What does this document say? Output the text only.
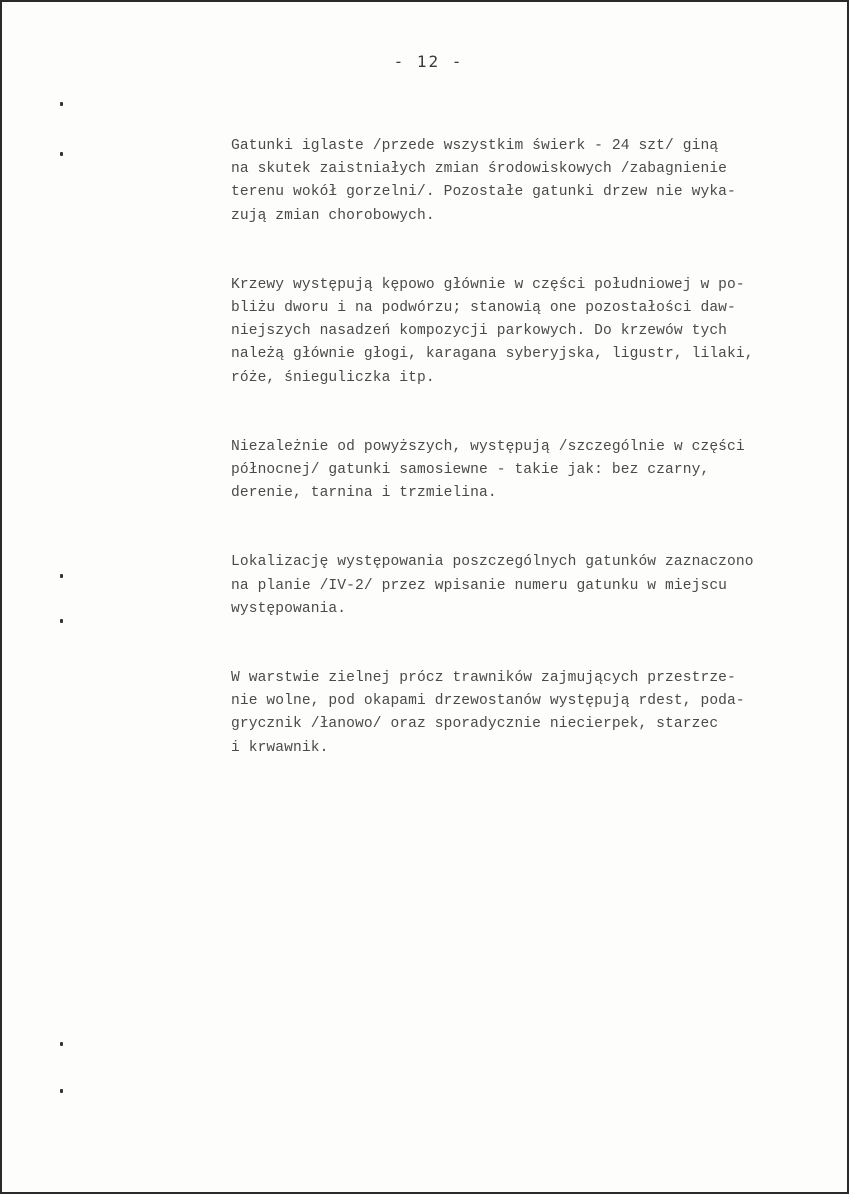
- 12 -

Gatunki iglaste /przede wszystkim świerk - 24 szt/ giną
na skutek zaistniałych zmian środowiskowych /zabagnienie
terenu wokół gorzelni/. Pozostałe gatunki drzew nie wyka-
zują zmian chorobowych.

Krzewy występują kępowo głównie w części południowej w po-
bliżu dworu i na podwórzu; stanowią one pozostałości daw-
niejszych nasadzeń kompozycji parkowych. Do krzewów tych
należą głównie głogi, karagana syberyjska, ligustr, lilaki,
róże, śnieguliczka itp.

Niezależnie od powyższych, występują /szczególnie w części
północnej/ gatunki samosiewne - takie jak: bez czarny,
derenie, tarnina i trzmielina.

Lokalizację występowania poszczególnych gatunków zaznaczono
na planie /IV-2/ przez wpisanie numeru gatunku w miejscu
występowania.

W warstwie zielnej prócz trawników zajmujących przestrze-
nie wolne, pod okapami drzewostanów występują rdest, poda-
grycznik /łanowo/ oraz sporadycznie niecierpek, starzec
i krwawnik.
